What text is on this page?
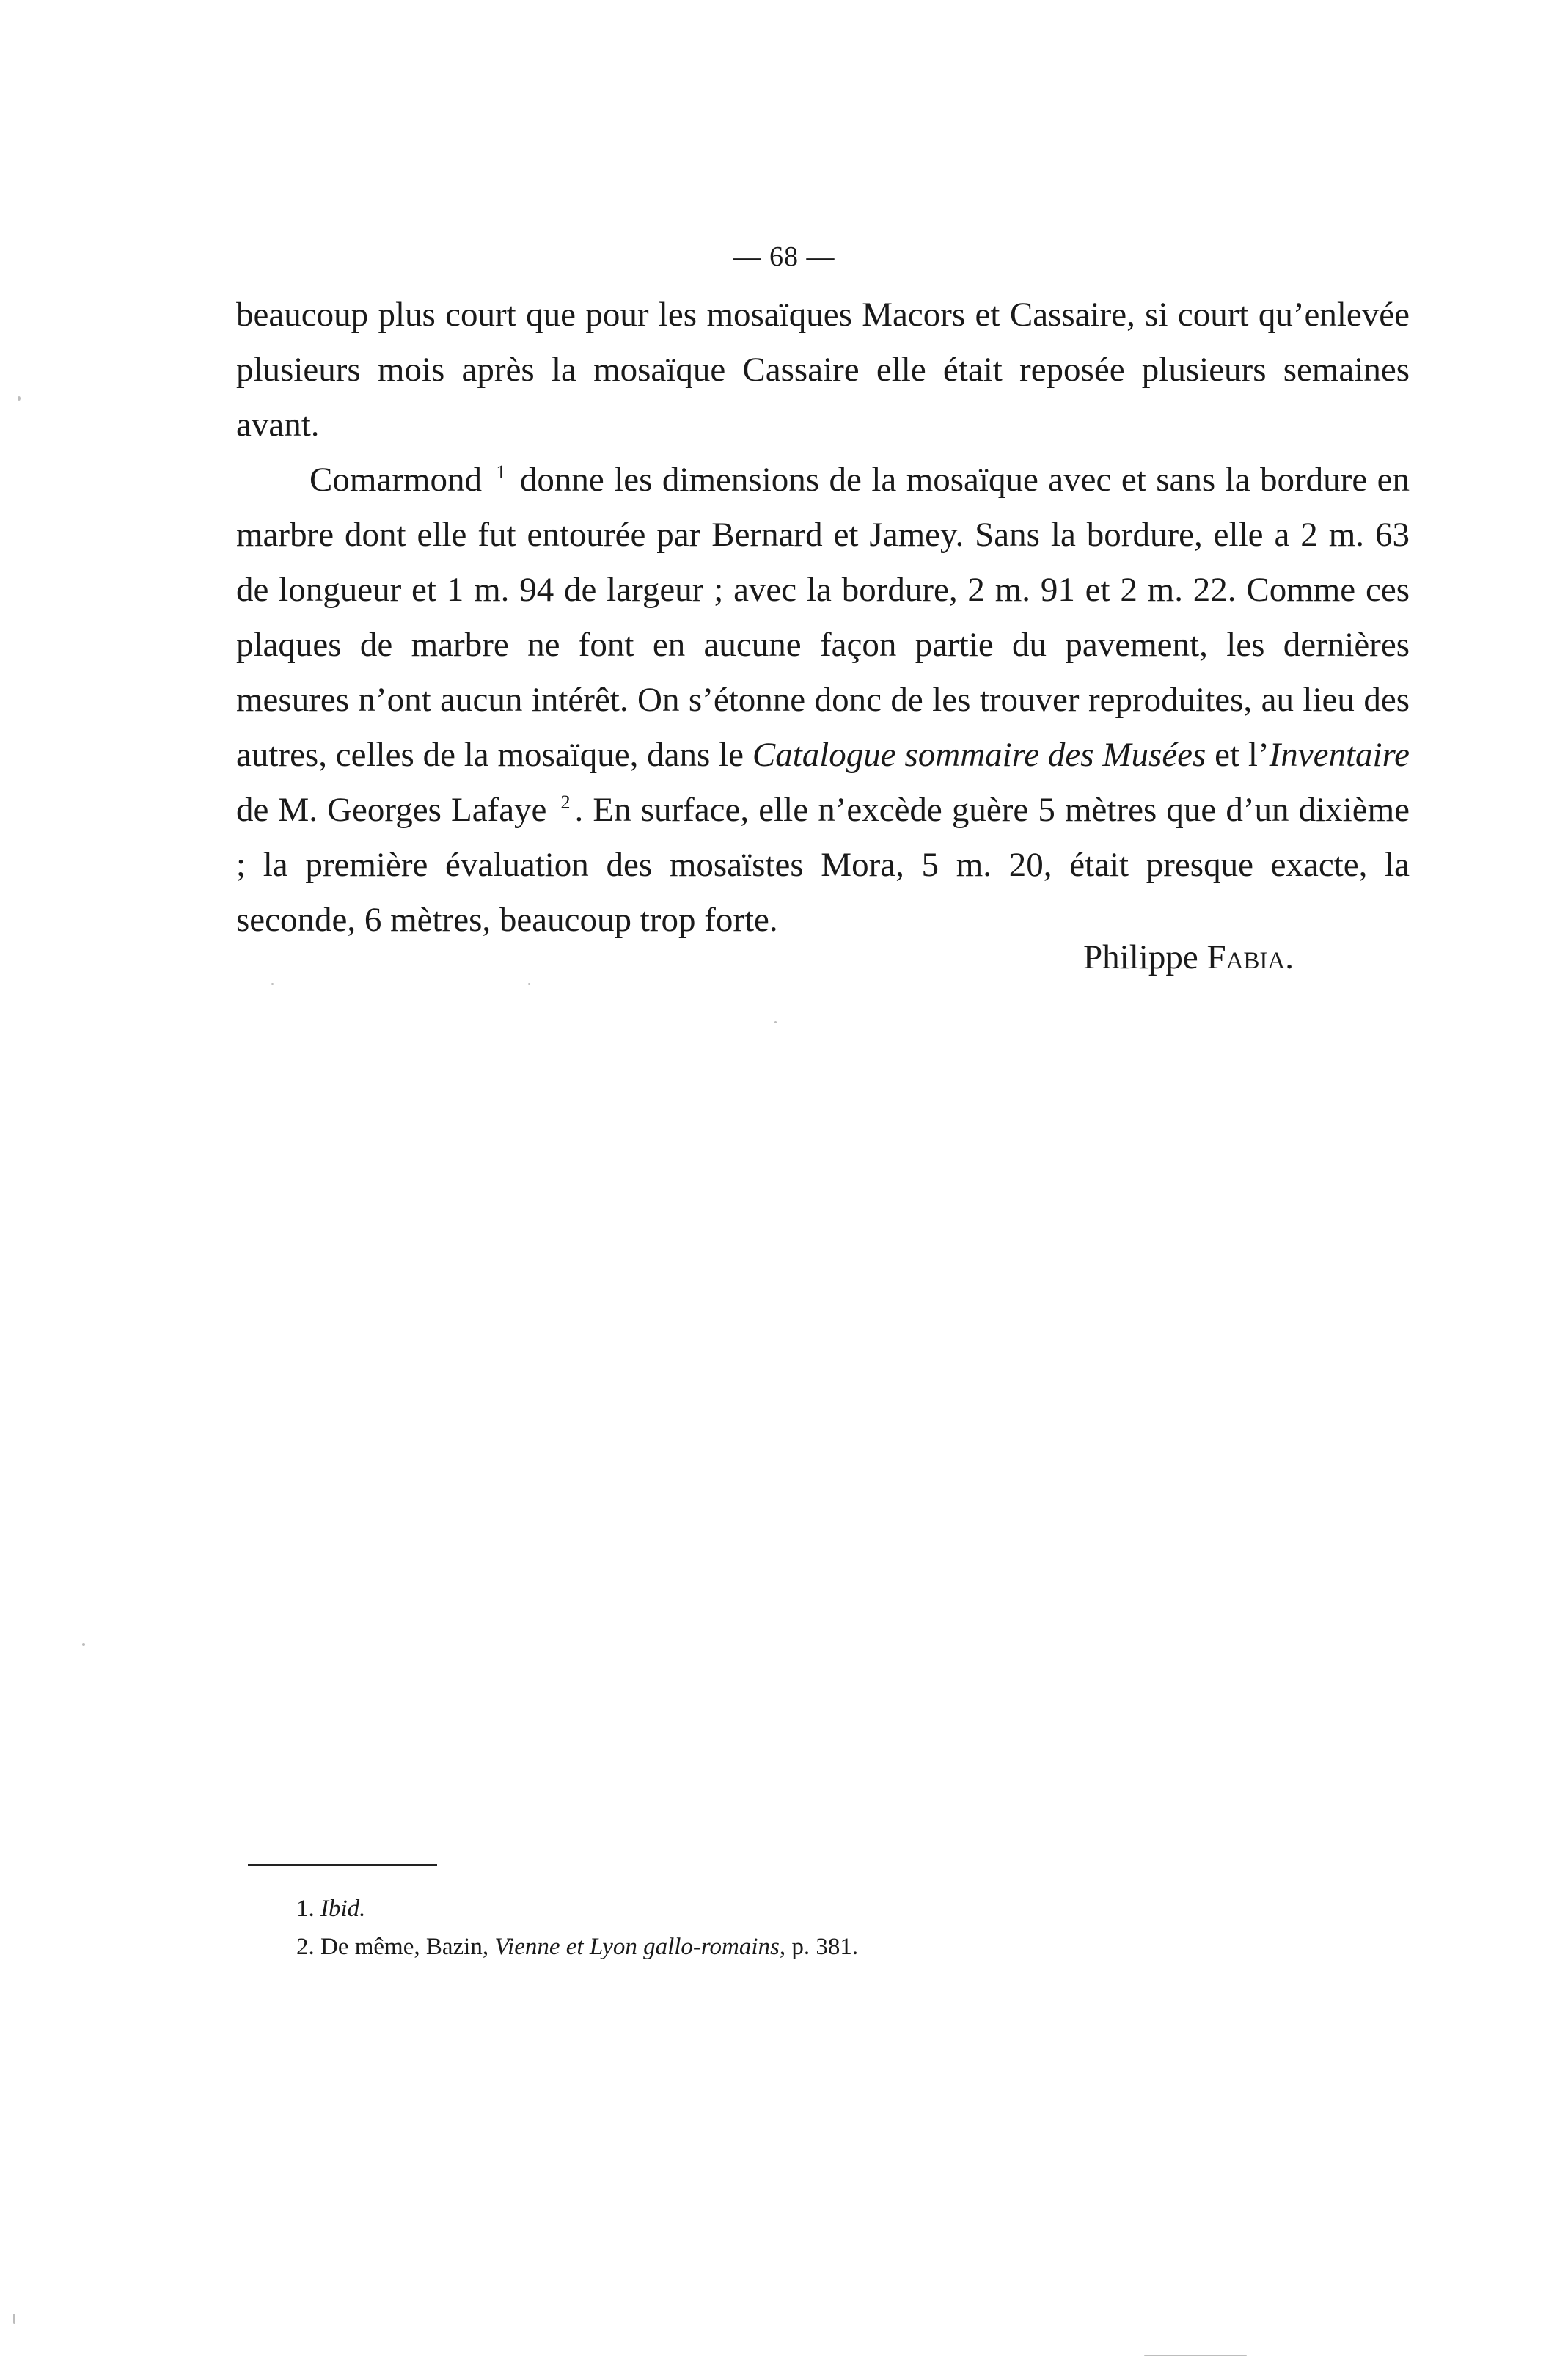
— 68 —

beaucoup plus court que pour les mosaïques Macors et Cassaire, si court qu’enlevée plusieurs mois après la mosaïque Cassaire elle était reposée plusieurs semaines avant.

Comarmond $^1$ donne les dimensions de la mosaïque avec et sans la bordure en marbre dont elle fut entourée par Bernard et Jamey. Sans la bordure, elle a 2 m. 63 de longueur et 1 m. 94 de largeur ; avec la bordure, 2 m. 91 et 2 m. 22. Comme ces plaques de marbre ne font en aucune façon partie du pavement, les dernières mesures n’ont aucun intérêt. On s’étonne donc de les trouver reproduites, au lieu des autres, celles de la mosaïque, dans le Catalogue sommaire des Musées et l’Inventaire de M. Georges Lafaye $^2$ . En surface, elle n’excède guère 5 mètres que d’un dixième ; la première évaluation des mosaïstes Mora, 5 m. 20, était presque exacte, la seconde, 6 mètres, beaucoup trop forte.

Philippe Fabia.

1. Ibid.

2. De même, Bazin, Vienne et Lyon gallo-romains, p. 381.
